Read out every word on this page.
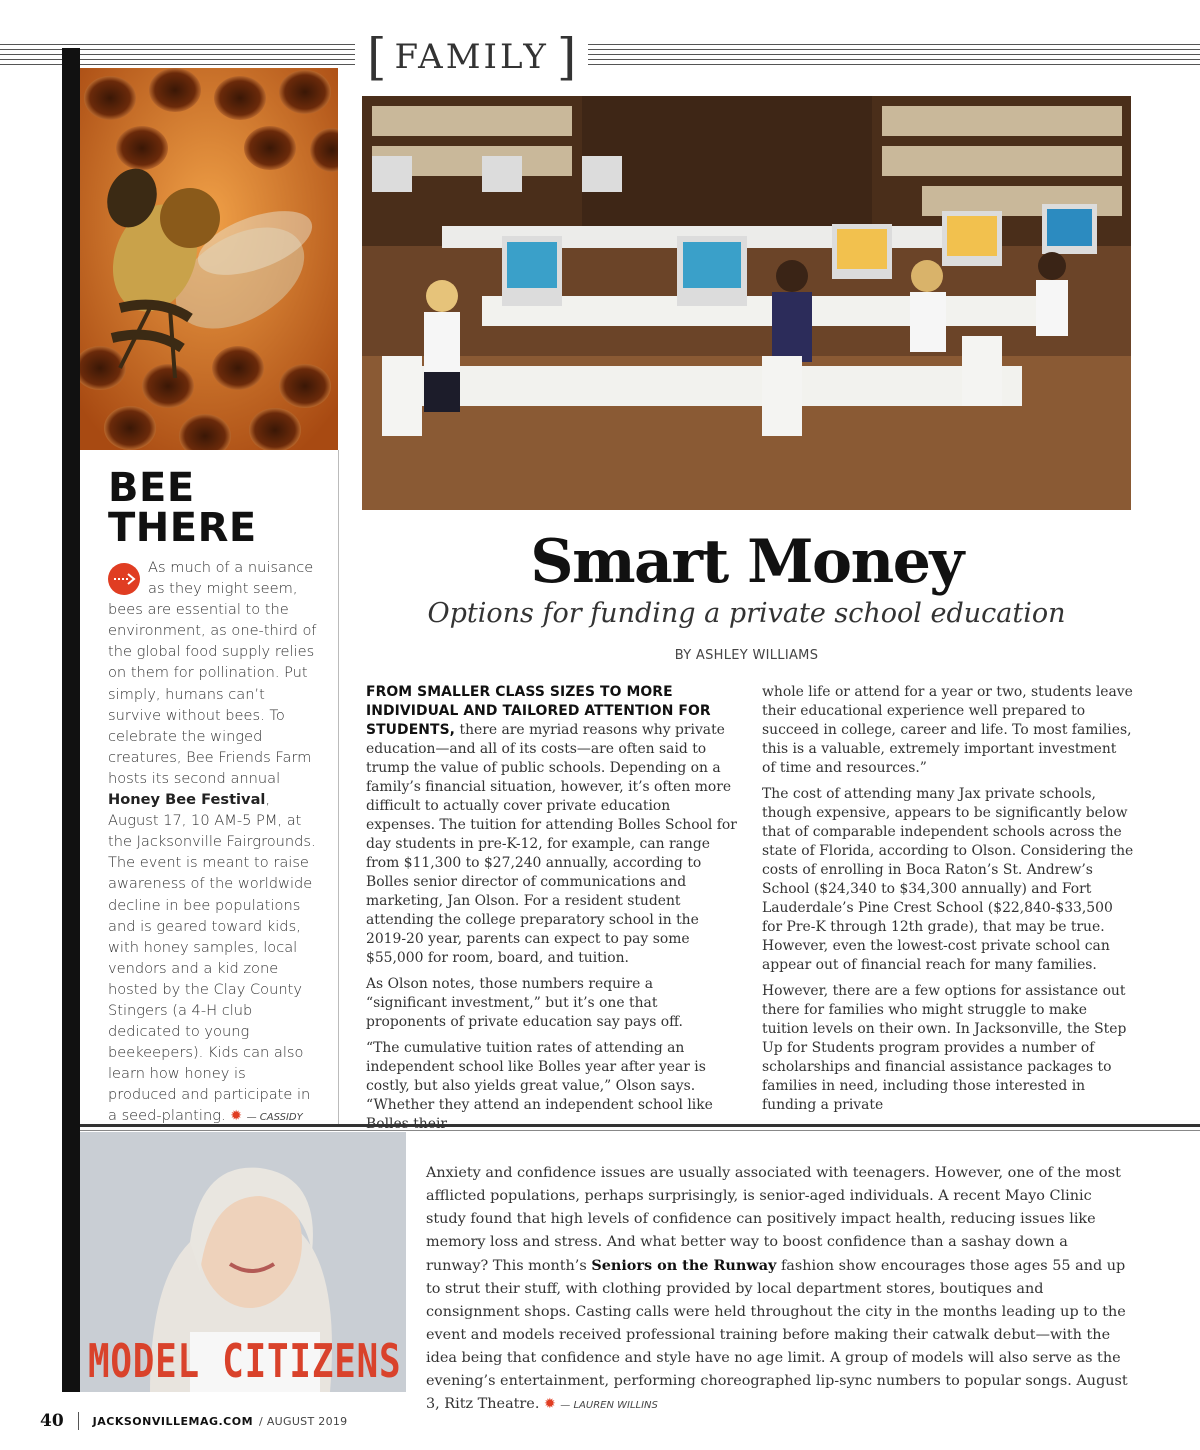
[ FAMILY ]
BEE
THERE
As much of a nuisance as they might seem, bees are essential to the environment, as one-third of the global food supply relies on them for pollination. Put simply, humans can’t survive without bees. To celebrate the winged creatures, Bee Friends Farm hosts its second annual Honey Bee Festival, August 17, 10 AM-5 PM, at the Jacksonville Fairgrounds. The event is meant to raise awareness of the worldwide decline in bee populations and is geared toward kids, with honey samples, local vendors and a kid zone hosted by the Clay County Stingers (a 4-H club dedicated to young beekeepers). Kids can also learn how honey is produced and participate in a seed-planting. ✹ — CASSIDY
Smart Money
Options for funding a private school education
BY ASHLEY WILLIAMS

FROM SMALLER CLASS SIZES TO MORE INDIVIDUAL AND TAILORED ATTENTION FOR STUDENTS, there are myriad reasons why private education—and all of its costs—are often said to trump the value of public schools. Depending on a family’s financial situation, however, it’s often more difficult to actually cover private education expenses. The tuition for attending Bolles School for day students in pre-K-12, for example, can range from $11,300 to $27,240 annually, according to Bolles senior director of communications and marketing, Jan Olson. For a resident student attending the college preparatory school in the 2019-20 year, parents can expect to pay some $55,000 for room, board, and tuition.

As Olson notes, those numbers require a “significant investment,” but it’s one that proponents of private education say pays off.

“The cumulative tuition rates of attending an independent school like Bolles year after year is costly, but also yields great value,” Olson says. “Whether they attend an independent school like

whole life or attend for a year or two, students leave their educational experience well prepared to succeed in college, career and life. To most families, this is a valuable, extremely important investment of time and resources.”

The cost of attending many Jax private schools, though expensive, appears to be significantly below that of comparable independent schools across the state of Florida, according to Olson. Considering the costs of enrolling in Boca Raton’s St. Andrew’s School ($24,340 to $34,300 annually) and Fort Lauderdale’s Pine Crest School ($22,840-$33,500 for Pre-K through 12th grade), that may be true. However, even the lowest-cost private school can appear out of financial reach for many families.

However, there are a few options for assistance out there for families who might struggle to make tuition levels on their own. In Jacksonville, the Step Up for Students program provides a number of scholarships and financial assistance packages to families in need, including those interested in funding a private

MODEL CITIZENS
Anxiety and confidence issues are usually associated with teenagers. However, one of the most afflicted populations, perhaps surprisingly, is senior-aged individuals. A recent Mayo Clinic study found that high levels of confidence can positively impact health, reducing issues like memory loss and stress. And what better way to boost confidence than a sashay down a runway? This month’s Seniors on the Runway fashion show encourages those ages 55 and up to strut their stuff, with clothing provided by local department stores, boutiques and consignment shops. Casting calls were held throughout the city in the months leading up to the event and models received professional training before making their catwalk debut—with the idea being that confidence and style have no age limit. A group of models will also serve as the evening’s entertainment, performing choreographed lip-sync numbers to popular songs. August 3, Ritz Theatre. ✹ — LAUREN WILLINS
40	JACKSONVILLEMAG.COM / AUGUST 2019
